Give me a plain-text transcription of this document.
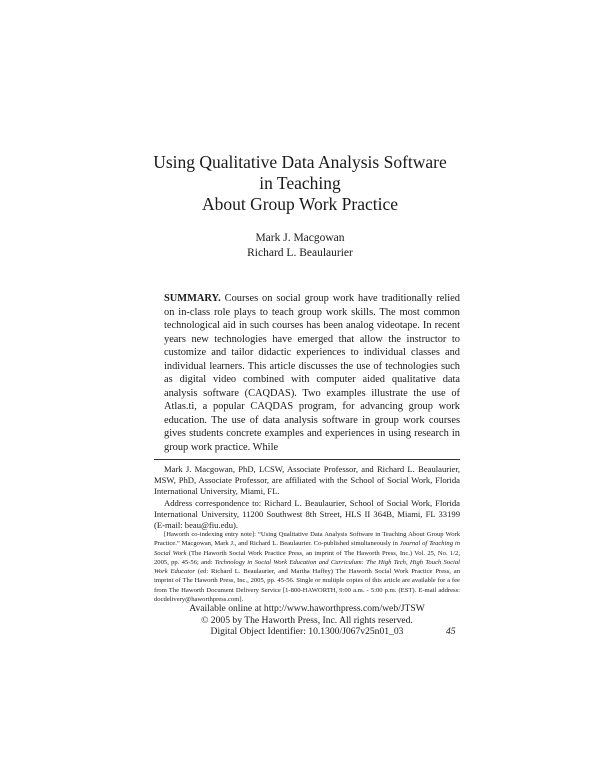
Using Qualitative Data Analysis Software
in Teaching
About Group Work Practice
Mark J. Macgowan
Richard L. Beaulaurier
SUMMARY. Courses on social group work have traditionally relied on in-class role plays to teach group work skills. The most common technological aid in such courses has been analog videotape. In recent years new technologies have emerged that allow the instructor to customize and tailor didactic experiences to individual classes and individual learners. This article discusses the use of technologies such as digital video combined with computer aided qualitative data analysis software (CAQDAS). Two examples illustrate the use of Atlas.ti, a popular CAQDAS program, for advancing group work education. The use of data analysis software in group work courses gives students concrete examples and experiences in using research in group work practice. While

Mark J. Macgowan, PhD, LCSW, Associate Professor, and Richard L. Beaulaurier, MSW, PhD, Associate Professor, are affiliated with the School of Social Work, Florida International University, Miami, FL.

Address correspondence to: Richard L. Beaulaurier, School of Social Work, Florida International University, 11200 Southwest 8th Street, HLS II 364B, Miami, FL 33199 (E-mail: beau@fiu.edu).

[Haworth co-indexing entry note]: “Using Qualitative Data Analysis Software in Teaching About Group Work Practice.” Macgowan, Mark J., and Richard L. Beaulaurier. Co-published simultaneously in Journal of Teaching in Social Work (The Haworth Social Work Practice Press, an imprint of The Haworth Press, Inc.) Vol. 25, No. 1/2, 2005, pp. 45-56; and: Technology in Social Work Education and Curriculum: The High Tech, High Touch Social Work Educator (ed: Richard L. Beaulaurier, and Martha Haffey) The Haworth Social Work Practice Press, an imprint of The Haworth Press, Inc., 2005, pp. 45-56. Single or multiple copies of this article are available for a fee from The Haworth Document Delivery Service [1-800-HAWORTH, 9:00 a.m. - 5:00 p.m. (EST). E-mail address: docdelivery@haworthpress.com].

Available online at http://www.haworthpress.com/web/JTSW
© 2005 by The Haworth Press, Inc. All rights reserved.
Digital Object Identifier: 10.1300/J067v25n01_03	45
